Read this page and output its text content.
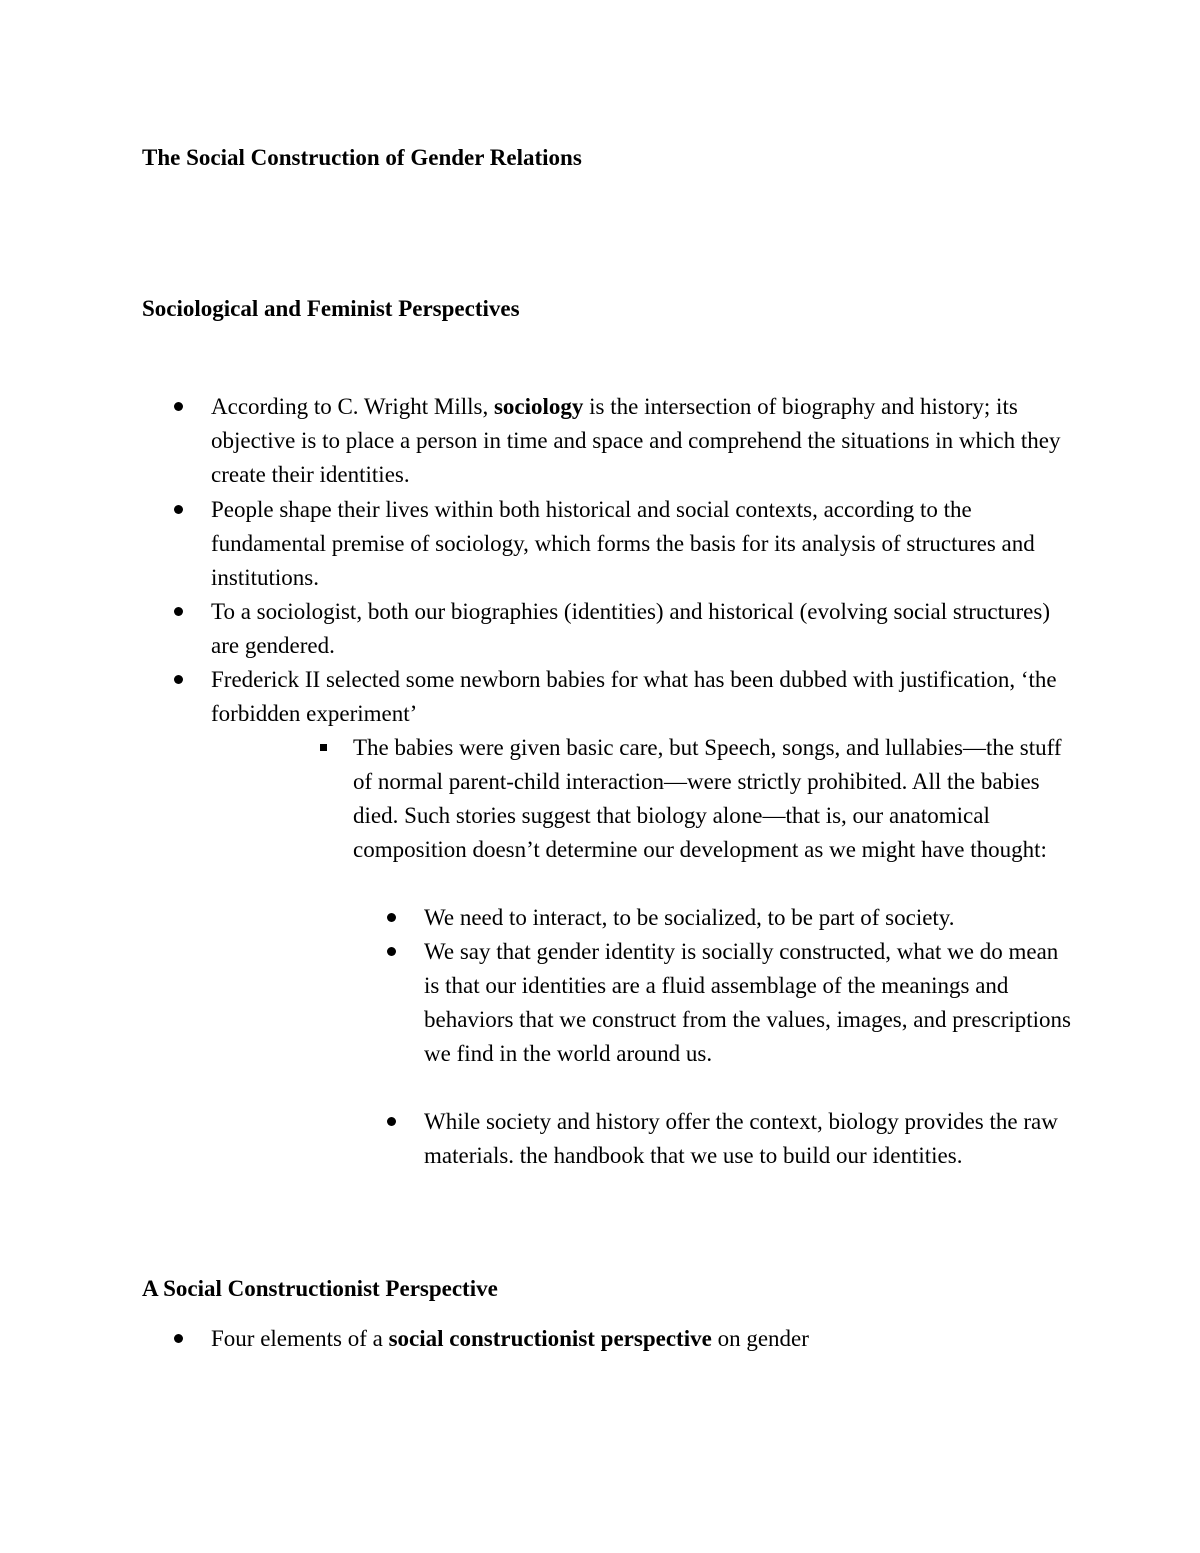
The Social Construction of Gender Relations
Sociological and Feminist Perspectives
According to C. Wright Mills, sociology is the intersection of biography and history; its objective is to place a person in time and space and comprehend the situations in which they create their identities.
People shape their lives within both historical and social contexts, according to the fundamental premise of sociology, which forms the basis for its analysis of structures and institutions.
To a sociologist, both our biographies (identities) and historical (evolving social structures) are gendered.
Frederick II selected some newborn babies for what has been dubbed with justification, ‘the forbidden experiment’
The babies were given basic care, but Speech, songs, and lullabies—the stuff of normal parent-child interaction—were strictly prohibited. All the babies died. Such stories suggest that biology alone—that is, our anatomical composition doesn’t determine our development as we might have thought:
We need to interact, to be socialized, to be part of society.
We say that gender identity is socially constructed, what we do mean is that our identities are a fluid assemblage of the meanings and behaviors that we construct from the values, images, and prescriptions we find in the world around us.
While society and history offer the context, biology provides the raw materials. the handbook that we use to build our identities.
A Social Constructionist Perspective
Four elements of a social constructionist perspective on gender
